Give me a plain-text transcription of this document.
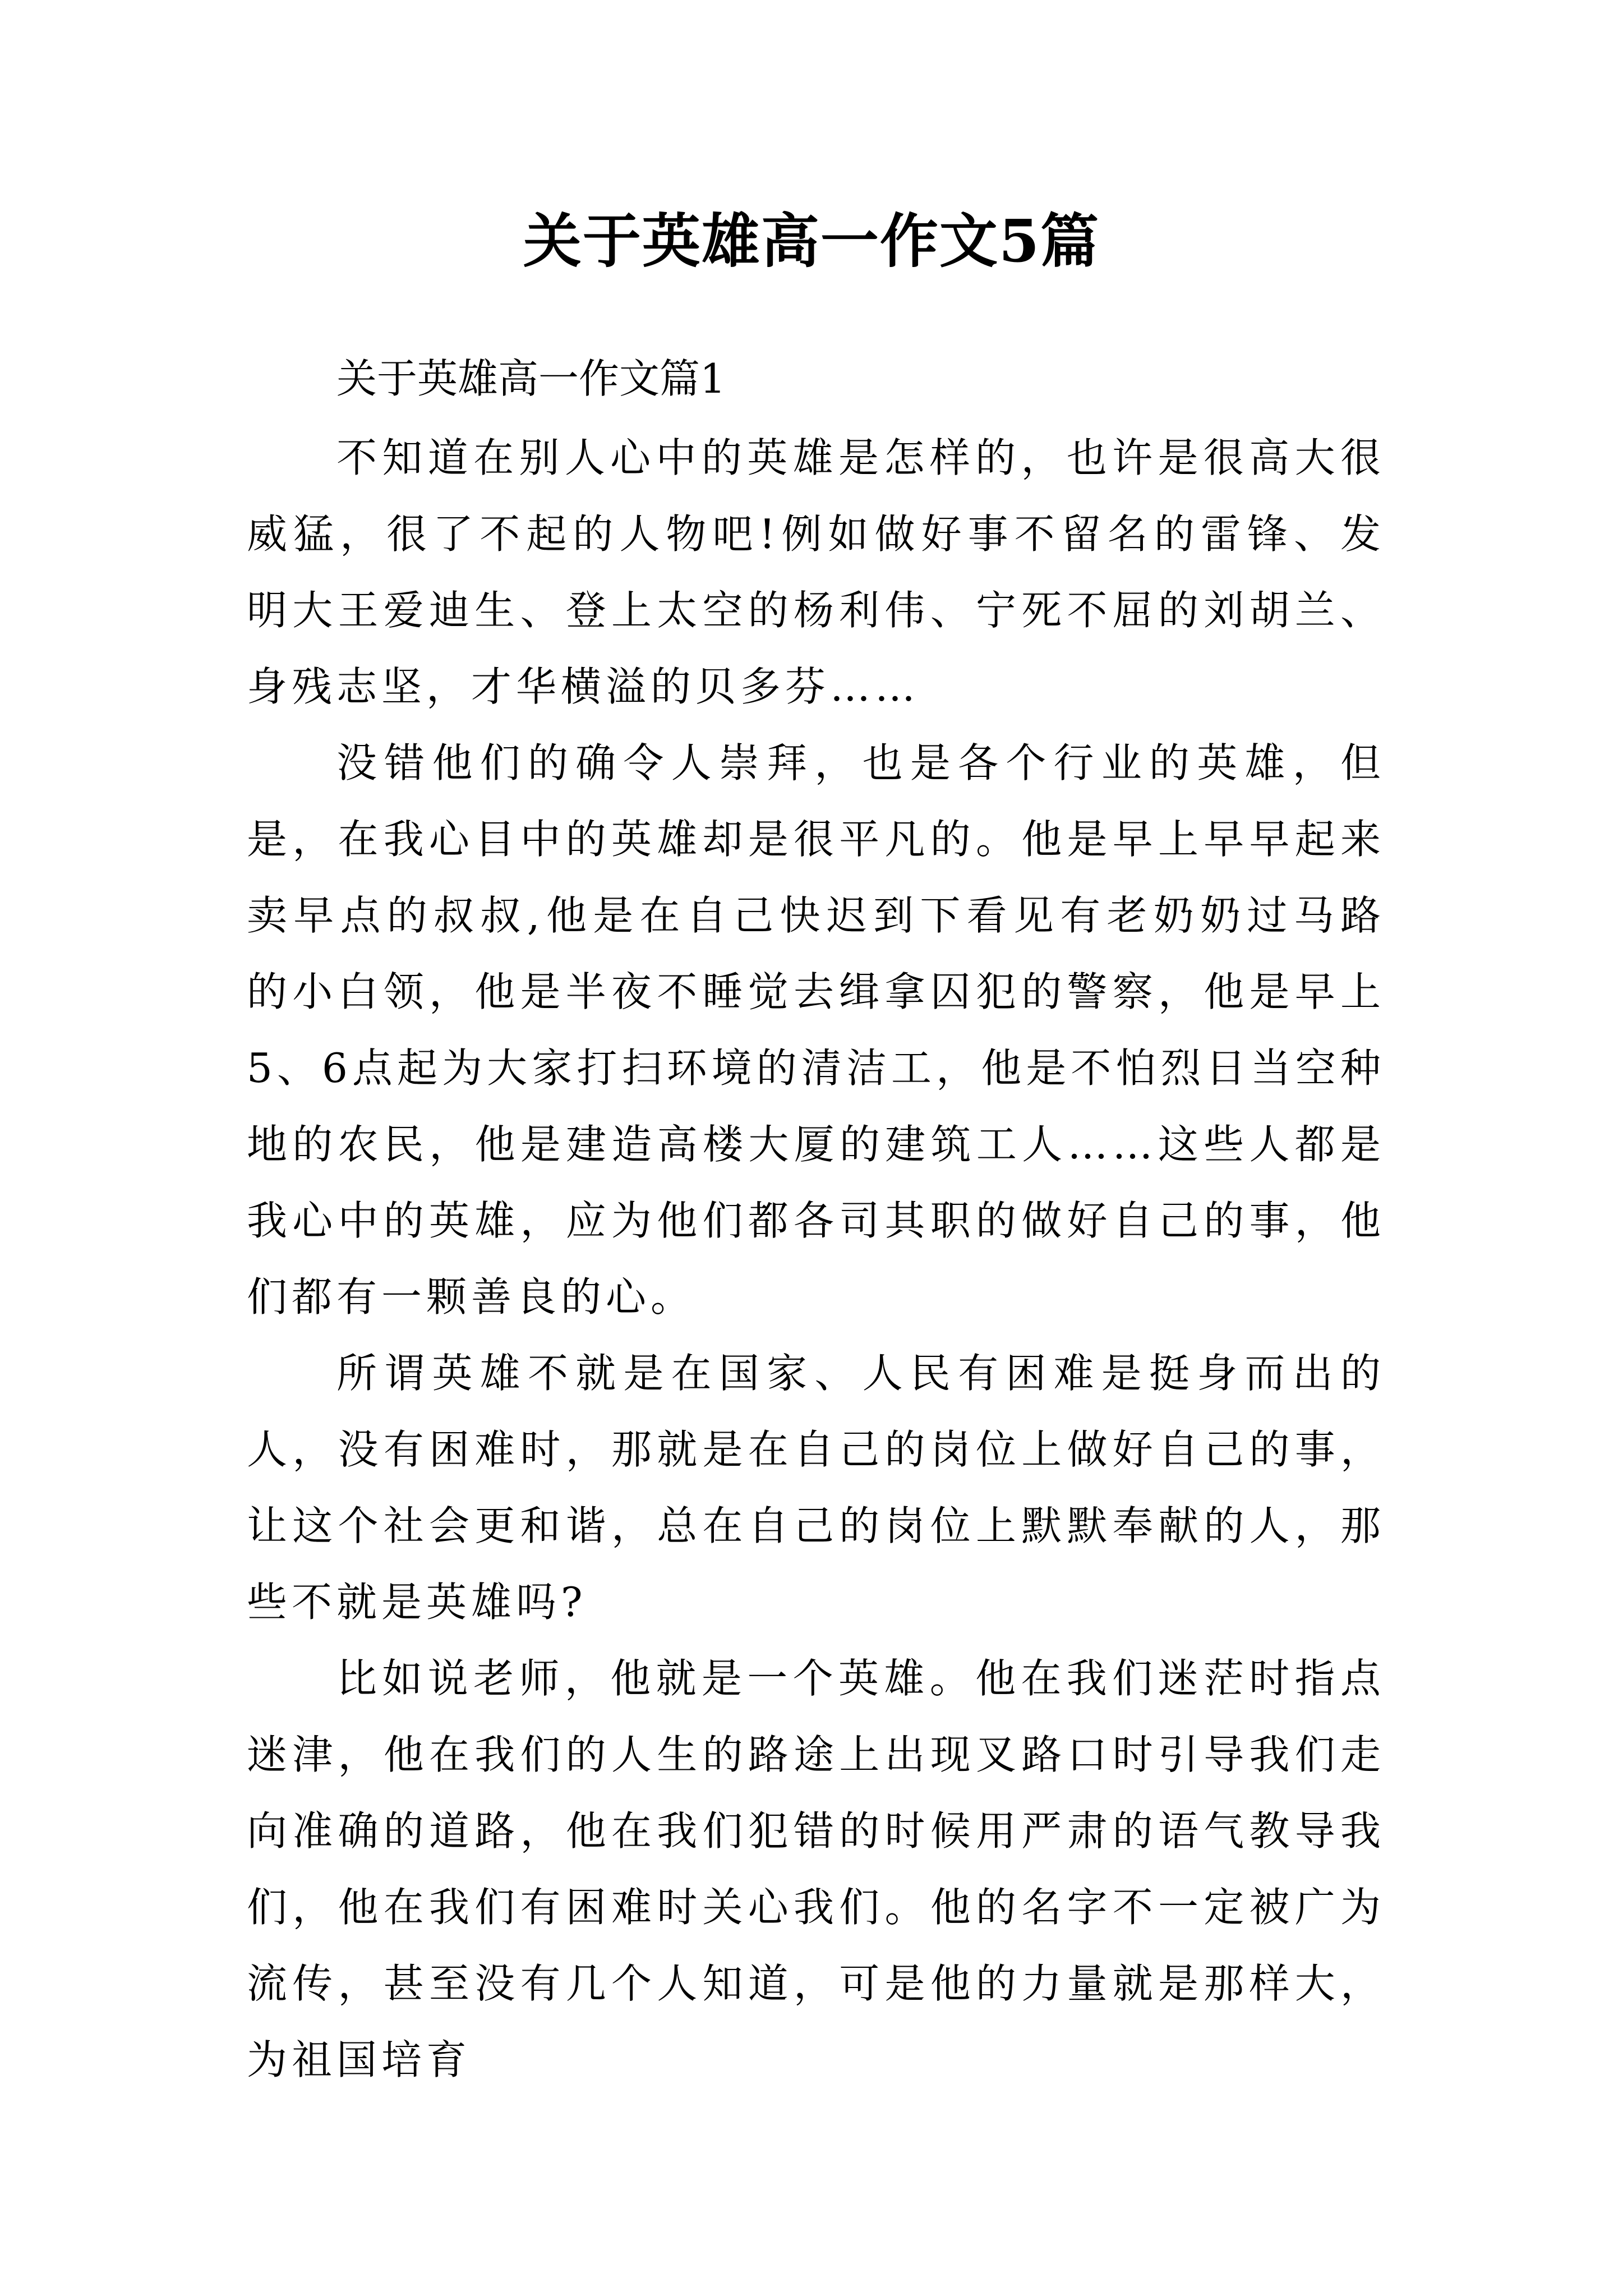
关于英雄高一作文5篇

关于英雄高一作文篇1

不知道在别人心中的英雄是怎样的，也许是很高大很威猛，很了不起的人物吧!例如做好事不留名的雷锋、发明大王爱迪生、登上太空的杨利伟、宁死不屈的刘胡兰、身残志坚，才华横溢的贝多芬……

没错他们的确令人崇拜，也是各个行业的英雄，但是，在我心目中的英雄却是很平凡的。他是早上早早起来卖早点的叔叔,他是在自己快迟到下看见有老奶奶过马路的小白领，他是半夜不睡觉去缉拿囚犯的警察，他是早上5、6点起为大家打扫环境的清洁工，他是不怕烈日当空种地的农民，他是建造高楼大厦的建筑工人……这些人都是我心中的英雄，应为他们都各司其职的做好自己的事，他们都有一颗善良的心。

所谓英雄不就是在国家、人民有困难是挺身而出的人，没有困难时，那就是在自己的岗位上做好自己的事，让这个社会更和谐，总在自己的岗位上默默奉献的人，那些不就是英雄吗?

比如说老师，他就是一个英雄。他在我们迷茫时指点迷津，他在我们的人生的路途上出现叉路口时引导我们走向准确的道路，他在我们犯错的时候用严肃的语气教导我们，他在我们有困难时关心我们。他的名字不一定被广为流传，甚至没有几个人知道，可是他的力量就是那样大，为祖国培育
